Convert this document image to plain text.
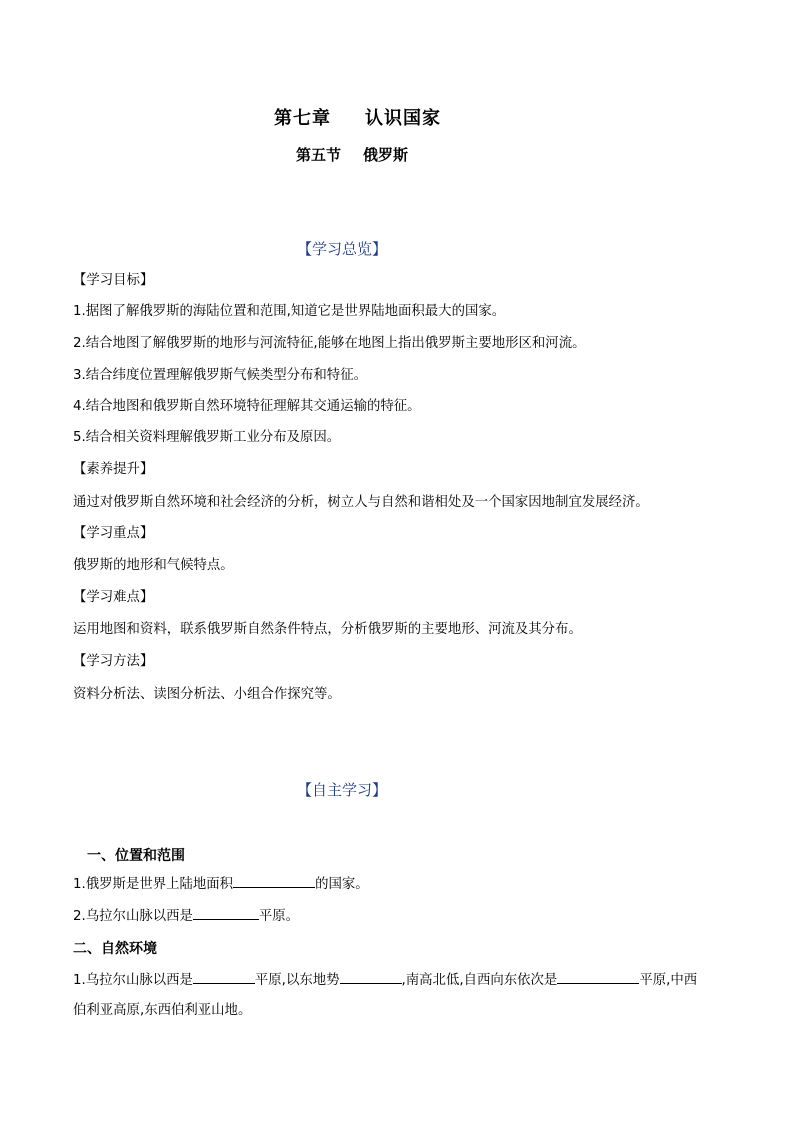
第七章 认识国家
第五节 俄罗斯
【学习总览】
【学习目标】
1.据图了解俄罗斯的海陆位置和范围,知道它是世界陆地面积最大的国家。
2.结合地图了解俄罗斯的地形与河流特征,能够在地图上指出俄罗斯主要地形区和河流。
3.结合纬度位置理解俄罗斯气候类型分布和特征。
4.结合地图和俄罗斯自然环境特征理解其交通运输的特征。
5.结合相关资料理解俄罗斯工业分布及原因。
【素养提升】
通过对俄罗斯自然环境和社会经济的分析，树立人与自然和谐相处及一个国家因地制宜发展经济。
【学习重点】
俄罗斯的地形和气候特点。
【学习难点】
运用地图和资料，联系俄罗斯自然条件特点，分析俄罗斯的主要地形、河流及其分布。
【学习方法】
资料分析法、读图分析法、小组合作探究等。
【自主学习】
一、位置和范围
1.俄罗斯是世界上陆地面积	的国家。
2.乌拉尔山脉以西是	平原。
二、自然环境
1.乌拉尔山脉以西是	平原,以东地势	,南高北低,自西向东依次是	平原,中西
伯利亚高原,东西伯利亚山地。
